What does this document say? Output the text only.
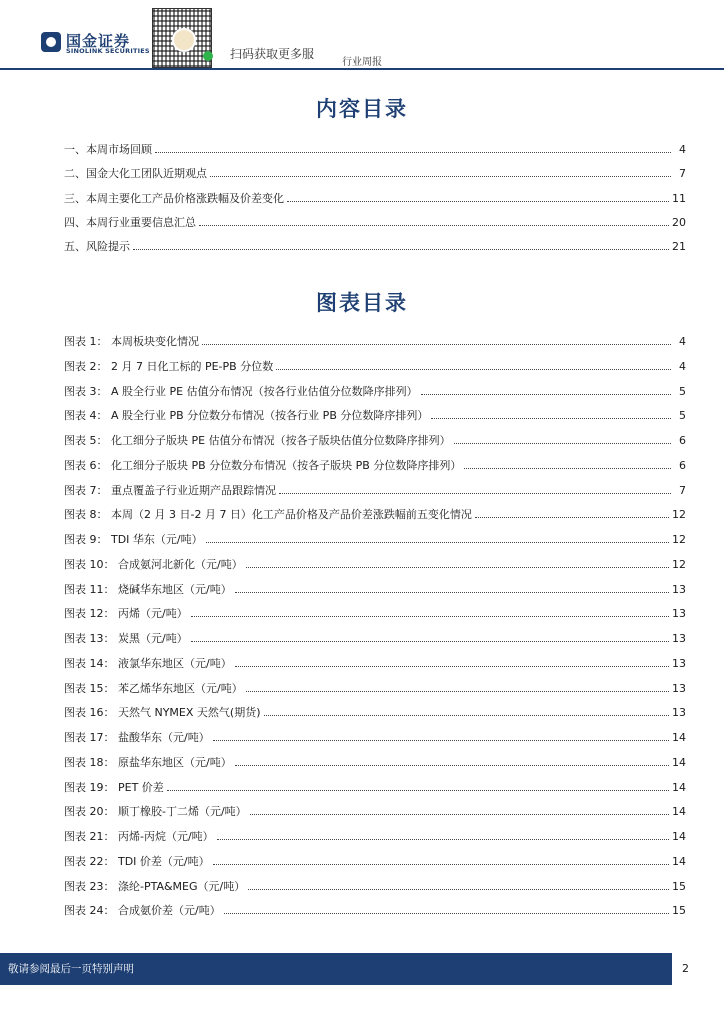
国金证券
SINOLINK SECURITIES	扫码获取更多服
行业周报
内容目录
一、本周市场回顾	4
二、国金大化工团队近期观点	7
三、本周主要化工产品价格涨跌幅及价差变化	11
四、本周行业重要信息汇总	20
五、风险提示	21
图表目录
图表 1： 本周板块变化情况	4
图表 2： 2 月 7 日化工标的 PE-PB 分位数	4
图表 3： A 股全行业 PE 估值分布情况（按各行业估值分位数降序排列）	5
图表 4： A 股全行业 PB 分位数分布情况（按各行业 PB 分位数降序排列）	5
图表 5： 化工细分子版块 PE 估值分布情况（按各子版块估值分位数降序排列）	6
图表 6： 化工细分子版块 PB 分位数分布情况（按各子版块 PB 分位数降序排列）	6
图表 7： 重点覆盖子行业近期产品跟踪情况	7
图表 8： 本周（2 月 3 日-2 月 7 日）化工产品价格及产品价差涨跌幅前五变化情况	12
图表 9： TDI 华东（元/吨）	12
图表 10： 合成氨河北新化（元/吨）	12
图表 11： 烧碱华东地区（元/吨）	13
图表 12： 丙烯（元/吨）	13
图表 13： 炭黑（元/吨）	13
图表 14： 液氯华东地区（元/吨）	13
图表 15： 苯乙烯华东地区（元/吨）	13
图表 16： 天然气 NYMEX 天然气(期货)	13
图表 17： 盐酸华东（元/吨）	14
图表 18： 原盐华东地区（元/吨）	14
图表 19： PET 价差	14
图表 20： 顺丁橡胶-丁二烯（元/吨）	14
图表 21： 丙烯-丙烷（元/吨）	14
图表 22： TDI 价差（元/吨）	14
图表 23： 涤纶-PTA&MEG（元/吨）	15
图表 24： 合成氨价差（元/吨）	15
敬请参阅最后一页特别声明	2
